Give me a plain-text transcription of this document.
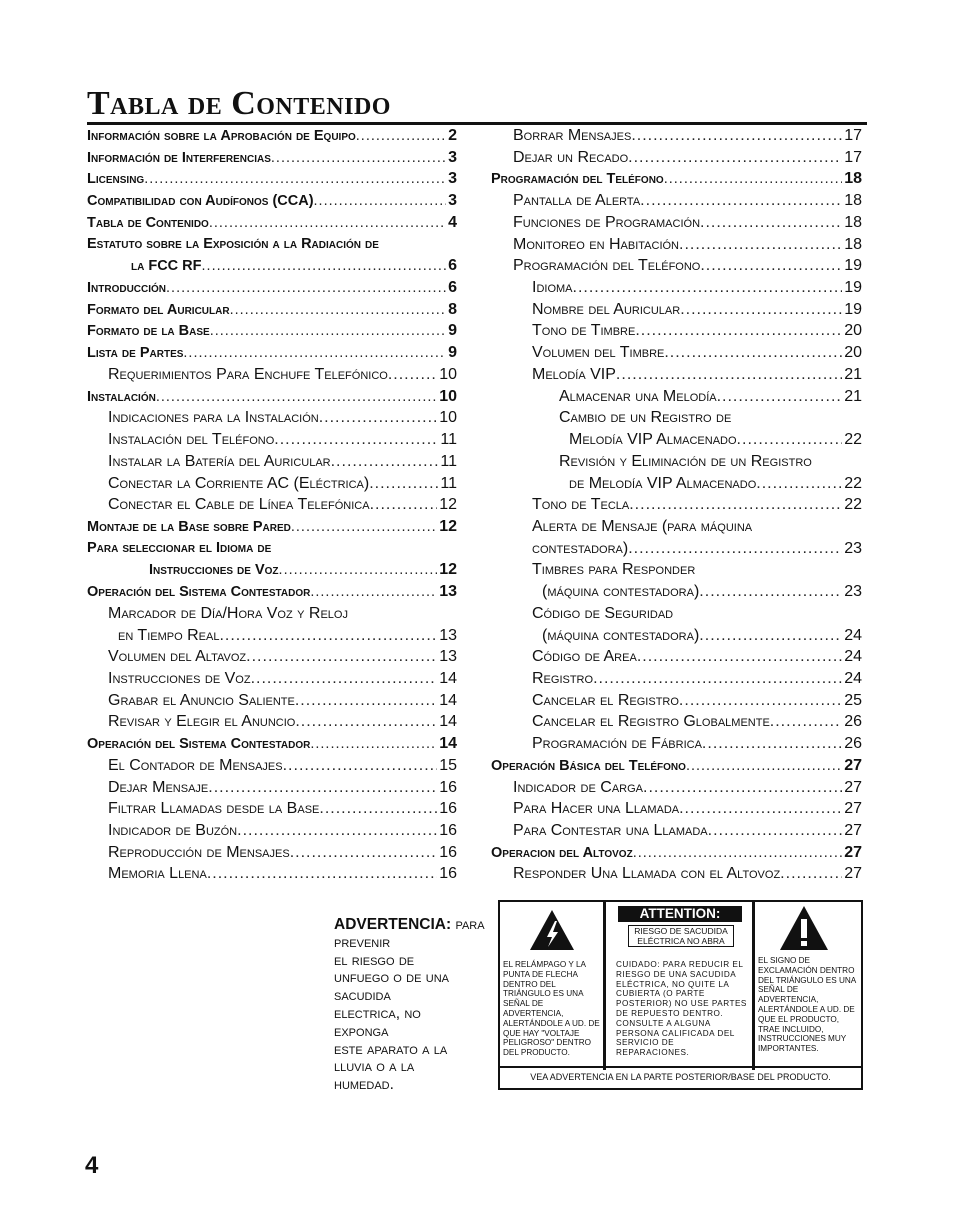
Tabla de Contenido
Información sobre la Aprobación de Equipo .....	2
Información de Interferencias .....	3
Licensing .....	3
Compatibilidad con Audífonos (CCA) .....	3
Tabla de Contenido .....	4
Estatuto sobre la Exposición a la Radiación de
la FCC RF .....	6
Introducción .....	6
Formato del Auricular .....	8
Formato de la Base .....	9
Lista de Partes .....	9
Requerimientos Para Enchufe Telefónico .....	10
Instalación .....	10
Indicaciones para la Instalación .....	10
Instalación del Teléfono .....	11
Instalar la Batería del Auricular .....	11
Conectar la Corriente AC (Eléctrica) .....	11
Conectar el Cable de Línea Telefónica .....	12
Montaje de la Base sobre Pared .....	12
Para seleccionar el Idioma de
Instrucciones de Voz .....	12
Operación del Sistema Contestador .....	13
Marcador de Día/Hora Voz y Reloj
en Tiempo Real .....	13
Volumen del Altavoz .....	13
Instrucciones de Voz .....	14
Grabar el Anuncio Saliente .....	14
Revisar y Elegir el Anuncio .....	14
Operación del Sistema Contestador .....	14
El Contador de Mensajes .....	15
Dejar Mensaje .....	16
Filtrar Llamadas desde la Base .....	16
Indicador de Buzón .....	16
Reproducción de Mensajes .....	16
Memoria Llena .....	16
Borrar Mensajes .....	17
Dejar un Recado .....	17
Programación del Teléfono .....	18
Pantalla de Alerta .....	18
Funciones de Programación .....	18
Monitoreo en Habitación .....	18
Programación del Teléfono .....	19
Idioma .....	19
Nombre del Auricular .....	19
Tono de Timbre .....	20
Volumen del Timbre .....	20
Melodía VIP .....	21
Almacenar una Melodía .....	21
Cambio de un Registro de
Melodía VIP Almacenado .....	22
Revisión y Eliminación de un Registro
de Melodía VIP Almacenado .....	22
Tono de Tecla .....	22
Alerta de Mensaje (para máquina
contestadora) .....	23
Timbres para Responder
(máquina contestadora) .....	23
Código de Seguridad
(máquina contestadora) .....	24
Código de Area .....	24
Registro .....	24
Cancelar el Registro .....	25
Cancelar el Registro Globalmente .....	26
Programación de Fábrica .....	26
Operación Básica del Teléfono .....	27
Indicador de Carga .....	27
Para Hacer una Llamada .....	27
Para Contestar una Llamada .....	27
Operacion del Altovoz .....	27
Responder Una Llamada con el Altovoz .....	27
ADVERTENCIA: para
prevenir
el riesgo de
unfuego o de una
sacudida
electrica, no
exponga
este aparato a la
lluvia o a la
humedad.
EL RELÁMPAGO Y LA PUNTA DE FLECHA DENTRO DEL TRIÁNGULO ES UNA SEÑAL DE ADVERTENCIA, ALERTÁNDOLE A UD. DE QUE HAY "VOLTAJE PELIGROSO" DENTRO DEL PRODUCTO.
ATTENTION:
RIESGO DE SACUDIDA ELÉCTRICA NO ABRA
CUIDADO: PARA REDUCIR EL RIESGO DE UNA SACUDIDA ELÉCTRICA, NO QUITE LA CUBIERTA (O PARTE POSTERIOR) NO USE PARTES DE REPUESTO DENTRO. CONSULTE A ALGUNA PERSONA CALIFICADA DEL SERVICIO DE REPARACIONES.
EL SIGNO DE EXCLAMACIÓN DENTRO DEL TRIÁNGULO ES UNA SEÑAL DE ADVERTENCIA, ALERTÁNDOLE A UD. DE QUE EL PRODUCTO, TRAE INCLUIDO, INSTRUCCIONES MUY IMPORTANTES.
VEA ADVERTENCIA EN LA PARTE POSTERIOR/BASE DEL PRODUCTO.
4
